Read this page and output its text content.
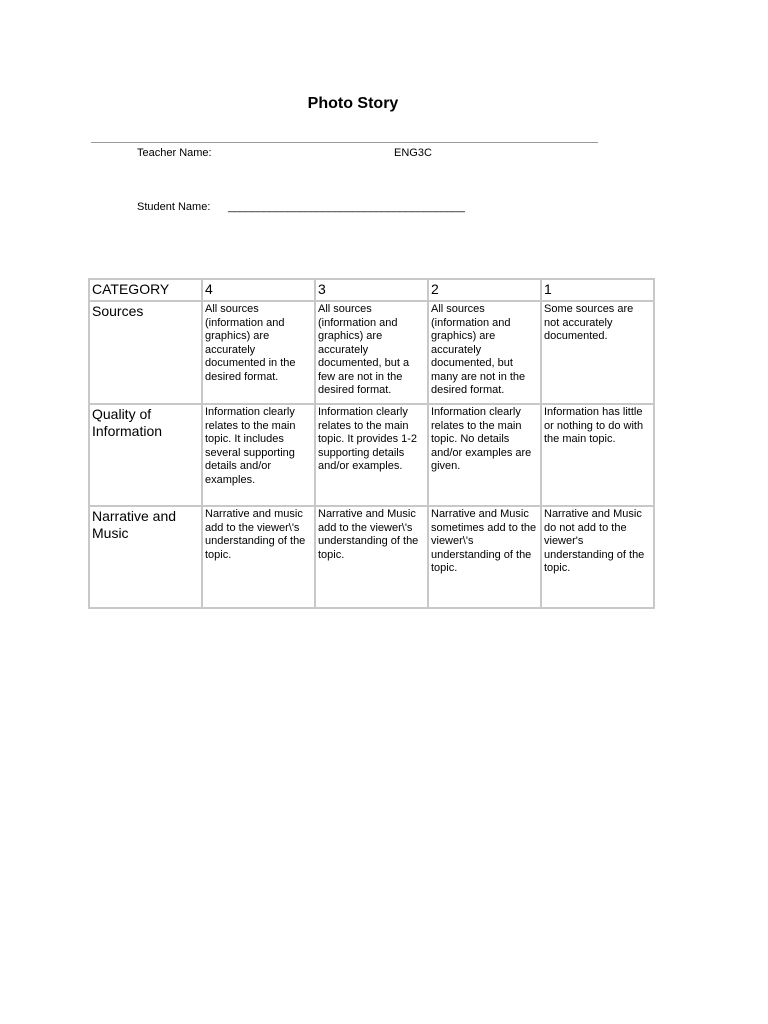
Photo Story
Teacher Name:	ENG3C
Student Name: ________________________________________
CATEGORY	4	3	2	1
Sources	All sources (information and graphics) are accurately documented in the desired format.	All sources (information and graphics) are accurately documented, but a few are not in the desired format.	All sources (information and graphics) are accurately documented, but many are not in the desired format.	Some sources are not accurately documented.
Quality of Information	Information clearly relates to the main topic. It includes several supporting details and/or examples.	Information clearly relates to the main topic. It provides 1-2 supporting details and/or examples.	Information clearly relates to the main topic. No details and/or examples are given.	Information has little or nothing to do with the main topic.
Narrative and Music	Narrative and music add to the viewer\'s understanding of the topic.	Narrative and Music add to the viewer\'s understanding of the topic.	Narrative and Music sometimes add to the viewer\'s understanding of the topic.	Narrative and Music do not add to the viewer's understanding of the topic.
